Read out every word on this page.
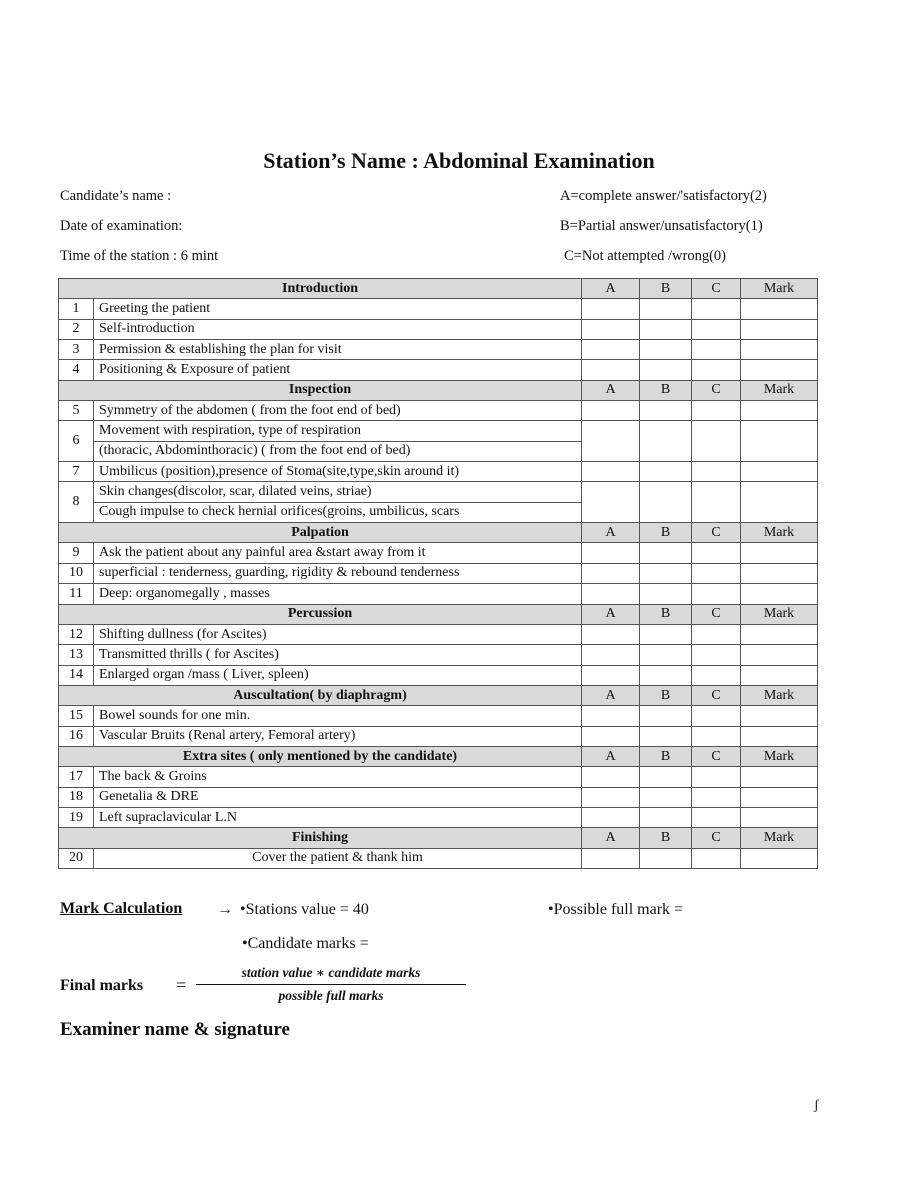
Station’s Name : Abdominal Examination
Candidate’s name :
Date of examination:
Time of the station : 6 mint
A=complete answer/'satisfactory(2)
B=Partial answer/unsatisfactory(1)
C=Not attempted /wrong(0)
Introduction		A	B	C	Mark
1	Greeting the patient				
2	Self-introduction				
3	Permission & establishing the plan for visit				
4	Positioning & Exposure of patient				
Inspection		A	B	C	Mark
5	Symmetry of the abdomen ( from the foot end of bed)				
6	Movement with respiration, type of respiration				
	(thoracic, Abdominthoracic) ( from the foot end of bed)				
7	Umbilicus (position),presence of Stoma(site,type,skin around it)				
8	Skin changes(discolor, scar, dilated veins, striae)				
	Cough impulse to check hernial orifices(groins, umbilicus, scars				
Palpation		A	B	C	Mark
9	Ask the patient about any painful area &start away from it				
10	superficial : tenderness, guarding, rigidity & rebound tenderness				
11	Deep: organomegally , masses				
Percussion		A	B	C	Mark
12	Shifting dullness (for Ascites)				
13	Transmitted thrills ( for Ascites)				
14	Enlarged organ /mass ( Liver, spleen)				
Auscultation( by diaphragm)		A	B	C	Mark
15	Bowel sounds for one min.				
16	Vascular Bruits (Renal artery, Femoral artery)				
Extra sites ( only mentioned by the candidate)		A	B	C	Mark
17	The back & Groins				
18	Genetalia & DRE				
19	Left supraclavicular L.N				
Finishing		A	B	C	Mark
20	Cover the patient & thank him				
Mark Calculation → •Stations value = 40	•Possible full mark =
•Candidate marks =
Final marks =
station value ∗ candidate marks
possible full marks
Examiner name & signature
ʃ
